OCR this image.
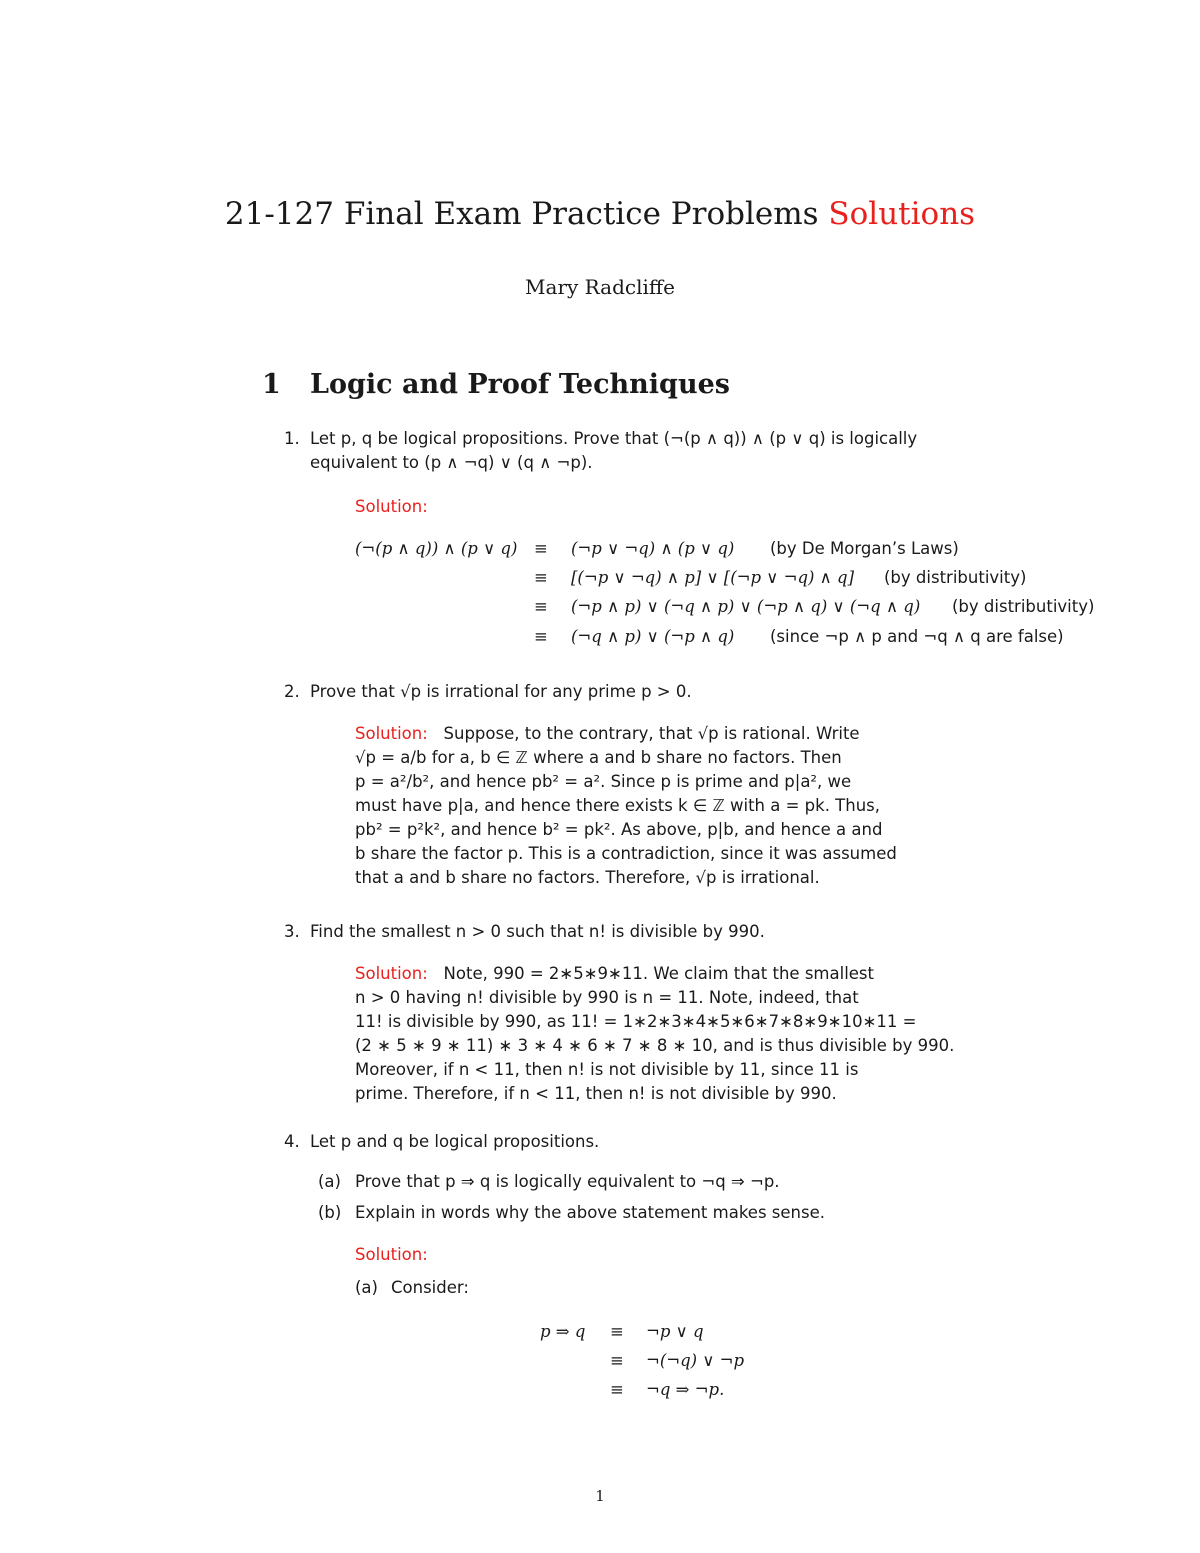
21-127 Final Exam Practice Problems Solutions
Mary Radcliffe
1 Logic and Proof Techniques
1. Let p, q be logical propositions. Prove that (¬(p ∧ q)) ∧ (p ∨ q) is logically
equivalent to (p ∧ ¬q) ∨ (q ∧ ¬p).
Solution:
(¬(p ∧ q)) ∧ (p ∨ q) ≡ (¬p ∨ ¬q) ∧ (p ∨ q) (by De Morgan’s Laws)
≡ [(¬p ∨ ¬q) ∧ p] ∨ [(¬p ∨ ¬q) ∧ q] (by distributivity)
≡ (¬p ∧ p) ∨ (¬q ∧ p) ∨ (¬p ∧ q) ∨ (¬q ∧ q) (by distributivity)
≡ (¬q ∧ p) ∨ (¬p ∧ q) (since ¬p ∧ p and ¬q ∧ q are false)
2. Prove that √p is irrational for any prime p > 0.
Solution: Suppose, to the contrary, that √p is rational. Write
√p = a/b for a, b ∈ ℤ where a and b share no factors. Then
p = a²/b², and hence pb² = a². Since p is prime and p|a², we
must have p|a, and hence there exists k ∈ ℤ with a = pk. Thus,
pb² = p²k², and hence b² = pk². As above, p|b, and hence a and
b share the factor p. This is a contradiction, since it was assumed
that a and b share no factors. Therefore, √p is irrational.
3. Find the smallest n > 0 such that n! is divisible by 990.
Solution: Note, 990 = 2∗5∗9∗11. We claim that the smallest
n > 0 having n! divisible by 990 is n = 11. Note, indeed, that
11! is divisible by 990, as 11! = 1∗2∗3∗4∗5∗6∗7∗8∗9∗10∗11 =
(2 ∗ 5 ∗ 9 ∗ 11) ∗ 3 ∗ 4 ∗ 6 ∗ 7 ∗ 8 ∗ 10, and is thus divisible by 990.
Moreover, if n < 11, then n! is not divisible by 11, since 11 is
prime. Therefore, if n < 11, then n! is not divisible by 990.
4. Let p and q be logical propositions.
(a) Prove that p ⇒ q is logically equivalent to ¬q ⇒ ¬p.
(b) Explain in words why the above statement makes sense.
Solution:
(a) Consider:
p ⇒ q ≡ ¬p ∨ q
≡ ¬(¬q) ∨ ¬p
≡ ¬q ⇒ ¬p.
1
